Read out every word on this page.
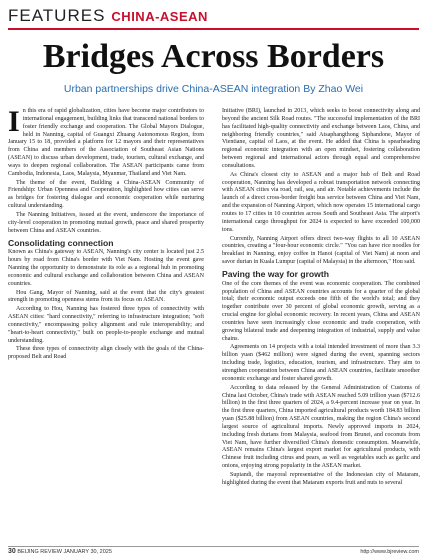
FEATURES CHINA-ASEAN
Bridges Across Borders
Urban partnerships drive China-ASEAN integration By Zhao Wei

In this era of rapid globalization, cities have become major contributors to international engagement, building links that transcend national borders to foster friendly exchange and cooperation. The Global Mayors Dialogue, held in Nanning, capital of Guangxi Zhuang Autonomous Region, from January 15 to 18, provided a platform for 12 mayors and their representatives from China and members of the Association of Southeast Asian Nations (ASEAN) to discuss urban development, trade, tourism, cultural exchange, and ways to deepen regional collaboration. The ASEAN participants came from Cambodia, Indonesia, Laos, Malaysia, Myanmar, Thailand and Viet Nam.

The theme of the event, Building a China-ASEAN Community of Friendship: Urban Openness and Cooperation, highlighted how cities can serve as bridges for fostering dialogue and economic cooperation while nurturing cultural understanding.

The Nanning Initiatives, issued at the event, underscore the importance of city-level cooperation in promoting mutual growth, peace and shared prosperity between China and ASEAN countries.

Consolidating connection

Known as China's gateway to ASEAN, Nanning's city center is located just 2.5 hours by road from China's border with Viet Nam. Hosting the event gave Nanning the opportunity to demonstrate its role as a regional hub in promoting economic and cultural exchange and collaboration between China and ASEAN countries.

Hou Gang, Mayor of Nanning, said at the event that the city's greatest strength in promoting openness stems from its focus on ASEAN.

According to Hou, Nanning has fostered three types of connectivity with ASEAN cities: "hard connectivity," referring to infrastructure integration; "soft connectivity," encompassing policy alignment and rule interoperability; and "heart-to-heart connectivity," built on people-to-people exchange and mutual understanding.

These three types of connectivity align closely with the goals of the China-proposed Belt and Road

Initiative (BRI), launched in 2013, which seeks to boost connectivity along and beyond the ancient Silk Road routes. "The successful implementation of the BRI has facilitated high-quality connectivity and exchange between Laos, China, and neighboring friendly countries," said Atsaphangthong Siphandone, Mayor of Vientiane, capital of Laos, at the event. He added that China is spearheading regional economic integration with an open mindset, fostering collaboration between regional and international actors through equal and comprehensive consultations.

As China's closest city to ASEAN and a major hub of Belt and Road cooperation, Nanning has developed a robust transportation network connecting with ASEAN cities via road, rail, sea, and air. Notable achievements include the launch of a direct cross-border freight bus service between China and Viet Nam, and the expansion of Nanning Airport, which now operates 15 international cargo routes to 17 cities in 10 countries across South and Southeast Asia. The airport's international cargo throughput for 2024 is expected to have exceeded 100,000 tons.

Currently, Nanning Airport offers direct two-way flights to all 10 ASEAN countries, creating a "four-hour economic circle." "You can have rice noodles for breakfast in Nanning, enjoy coffee in Hanoi (capital of Viet Nam) at noon and savor durian in Kuala Lumpur (capital of Malaysia) in the afternoon," Hou said.

Paving the way for growth

One of the core themes of the event was economic cooperation. The combined population of China and ASEAN countries accounts for a quarter of the global total; their economic output exceeds one fifth of the world's total; and they together contribute over 30 percent of global economic growth, serving as a crucial engine for global economic recovery. In recent years, China and ASEAN countries have seen increasingly close economic and trade cooperation, with growing bilateral trade and deepening integration of industrial, supply and value chains.

Agreements on 14 projects with a total intended investment of more than 3.3 billion yuan ($462 million) were signed during the event, spanning sectors including trade, logistics, education, tourism, and infrastructure. They aim to strengthen cooperation between China and ASEAN countries, facilitate smoother economic exchange and foster shared growth.

According to data released by the General Administration of Customs of China last October, China's trade with ASEAN reached 5.09 trillion yuan ($712.6 billion) in the first three quarters of 2024, a 9.4-percent increase year on year. In the first three quarters, China imported agricultural products worth 184.83 billion yuan ($25.88 billion) from ASEAN countries, making the region China's second largest source of agricultural imports. Newly approved imports in 2024, including fresh durians from Malaysia, seafood from Brunei, and coconuts from Viet Nam, have further diversified China's domestic consumption. Meanwhile, ASEAN remains China's largest export market for agricultural products, with Chinese fruit including citrus and pears, as well as vegetables such as garlic and onions, enjoying strong popularity in the ASEAN market.

Supiandi, the mayoral representative of the Indonesian city of Mataram, highlighted during the event that Mataram exports fruit and nuts to several

30 BEIJING REVIEW JANUARY 30, 2025	http://www.bjreview.com
